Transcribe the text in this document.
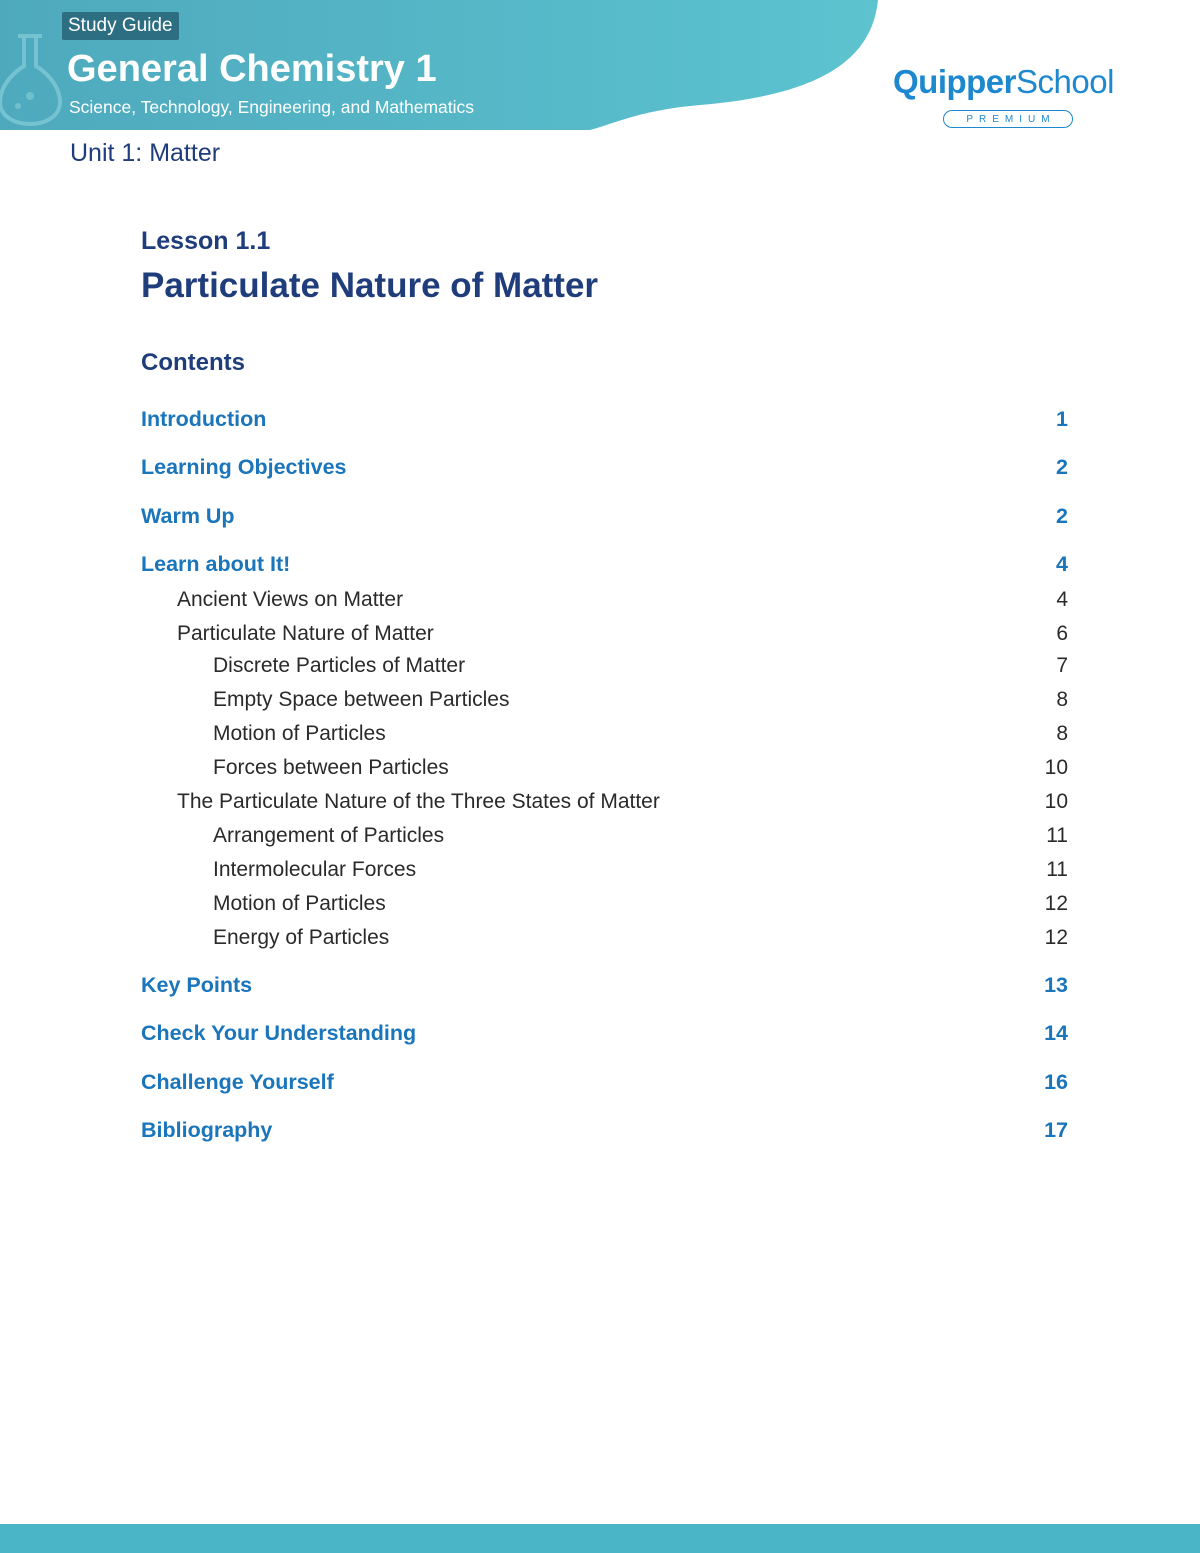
Study Guide
General Chemistry 1
Science, Technology, Engineering, and Mathematics
QuipperSchool
PREMIUM
Unit 1: Matter
Lesson 1.1
Particulate Nature of Matter
Contents
Introduction	1
Learning Objectives	2
Warm Up	2
Learn about It!	4
Ancient Views on Matter	4
Particulate Nature of Matter	6
Discrete Particles of Matter	7
Empty Space between Particles	8
Motion of Particles	8
Forces between Particles	10
The Particulate Nature of the Three States of Matter	10
Arrangement of Particles	11
Intermolecular Forces	11
Motion of Particles	12
Energy of Particles	12
Key Points	13
Check Your Understanding	14
Challenge Yourself	16
Bibliography	17
